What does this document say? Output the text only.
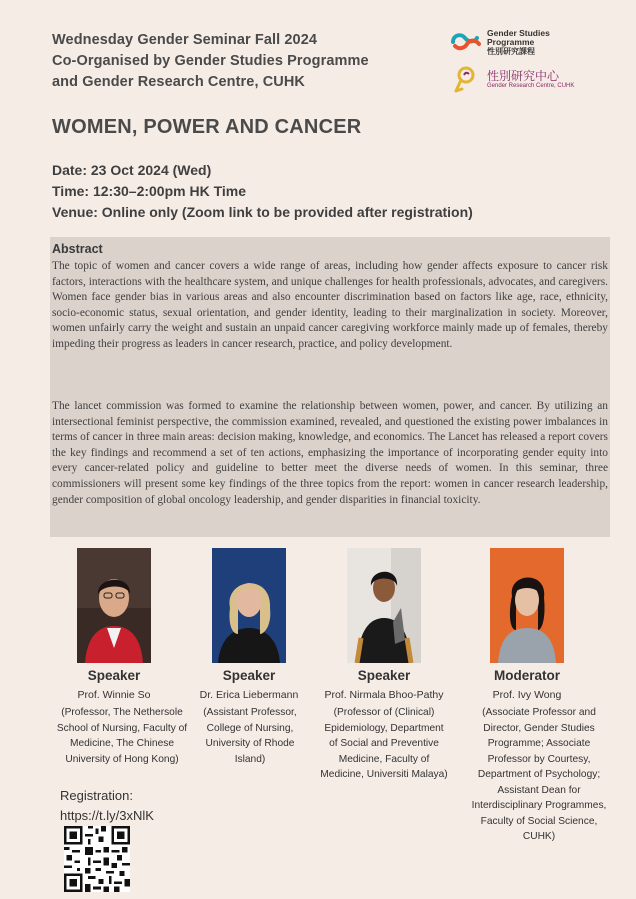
Wednesday Gender Seminar Fall 2024
Co-Organised by Gender Studies Programme
and Gender Research Centre, CUHK
Gender Studies
Programme
性別研究課程
性別研究中心
Gender Research Centre, CUHK
WOMEN, POWER AND CANCER
Date: 23 Oct 2024 (Wed)
Time: 12:30–2:00pm HK Time
Venue: Online only (Zoom link to be provided after registration)
Abstract
The topic of women and cancer covers a wide range of areas, including how gender affects exposure to cancer risk factors, interactions with the healthcare system, and unique challenges for health professionals, advocates, and caregivers. Women face gender bias in various areas and also encounter discrimination based on factors like age, race, ethnicity, socio-economic status, sexual orientation, and gender identity, leading to their marginalization in society. Moreover, women unfairly carry the weight and sustain an unpaid cancer caregiving workforce mainly made up of females, thereby impeding their progress as leaders in cancer research, practice, and policy development.
The lancet commission was formed to examine the relationship between women, power, and cancer. By utilizing an intersectional feminist perspective, the commission examined, revealed, and questioned the existing power imbalances in terms of cancer in three main areas: decision making, knowledge, and economics. The Lancet has released a report covers the key findings and recommend a set of ten actions, emphasizing the importance of incorporating gender equity into every cancer-related policy and guideline to better meet the diverse needs of women. In this seminar, three commissioners will present some key findings of the three topics from the report: women in cancer research leadership, gender composition of global oncology leadership, and gender disparities in financial toxicity.
Speaker
Prof. Winnie So
(Professor, The Nethersole School of Nursing, Faculty of Medicine, The Chinese University of Hong Kong)
Speaker
Dr. Erica Liebermann
(Assistant Professor, College of Nursing, University of Rhode Island)
Speaker
Prof. Nirmala Bhoo-Pathy
(Professor of (Clinical) Epidemiology, Department of Social and Preventive Medicine, Faculty of Medicine, Universiti Malaya)
Moderator
Prof. Ivy Wong
(Associate Professor and Director, Gender Studies Programme; Associate Professor by Courtesy, Department of Psychology; Assistant Dean for Interdisciplinary Programmes, Faculty of Social Science, CUHK)
Registration:
https://t.ly/3xNlK
